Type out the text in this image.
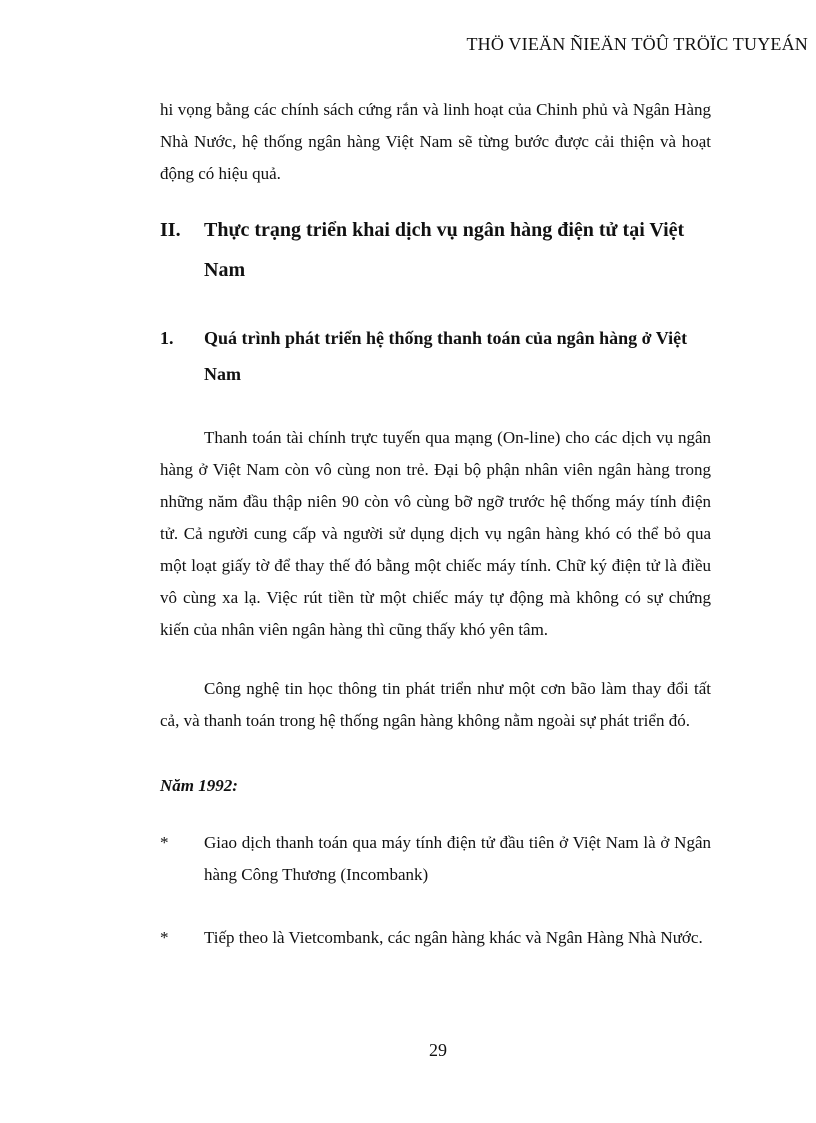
THÖ VIEÄN ÑIEÄN TÖÛ TRÖÏC TUYEÁN

hi vọng bằng các chính sách cứng rắn và linh hoạt của Chinh phủ và Ngân Hàng Nhà Nước, hệ thống ngân hàng Việt Nam sẽ từng bước được cải thiện và hoạt động có hiệu quả.

II. Thực trạng triển khai dịch vụ ngân hàng điện tử tại Việt Nam
1. Quá trình phát triển hệ thống thanh toán của ngân hàng ở Việt Nam

Thanh toán tài chính trực tuyến qua mạng (On-line) cho các dịch vụ ngân hàng ở Việt Nam còn vô cùng non trẻ. Đại bộ phận nhân viên ngân hàng trong những năm đầu thập niên 90 còn vô cùng bỡ ngỡ trước hệ thống máy tính điện tử. Cả người cung cấp và người sử dụng dịch vụ ngân hàng khó có thể bỏ qua một loạt giấy tờ để thay thế đó bằng một chiếc máy tính. Chữ ký điện tử là điều vô cùng xa lạ. Việc rút tiền từ một chiếc máy tự động mà không có sự chứng kiến của nhân viên ngân hàng thì cũng thấy khó yên tâm.

Công nghệ tin học thông tin phát triển như một cơn bão làm thay đổi tất cả, và thanh toán trong hệ thống ngân hàng không nằm ngoài sự phát triển đó.

Năm 1992:
* Giao dịch thanh toán qua máy tính điện tử đầu tiên ở Việt Nam là ở Ngân hàng Công Thương (Incombank)
* Tiếp theo là Vietcombank, các ngân hàng khác và Ngân Hàng Nhà Nước.
29
